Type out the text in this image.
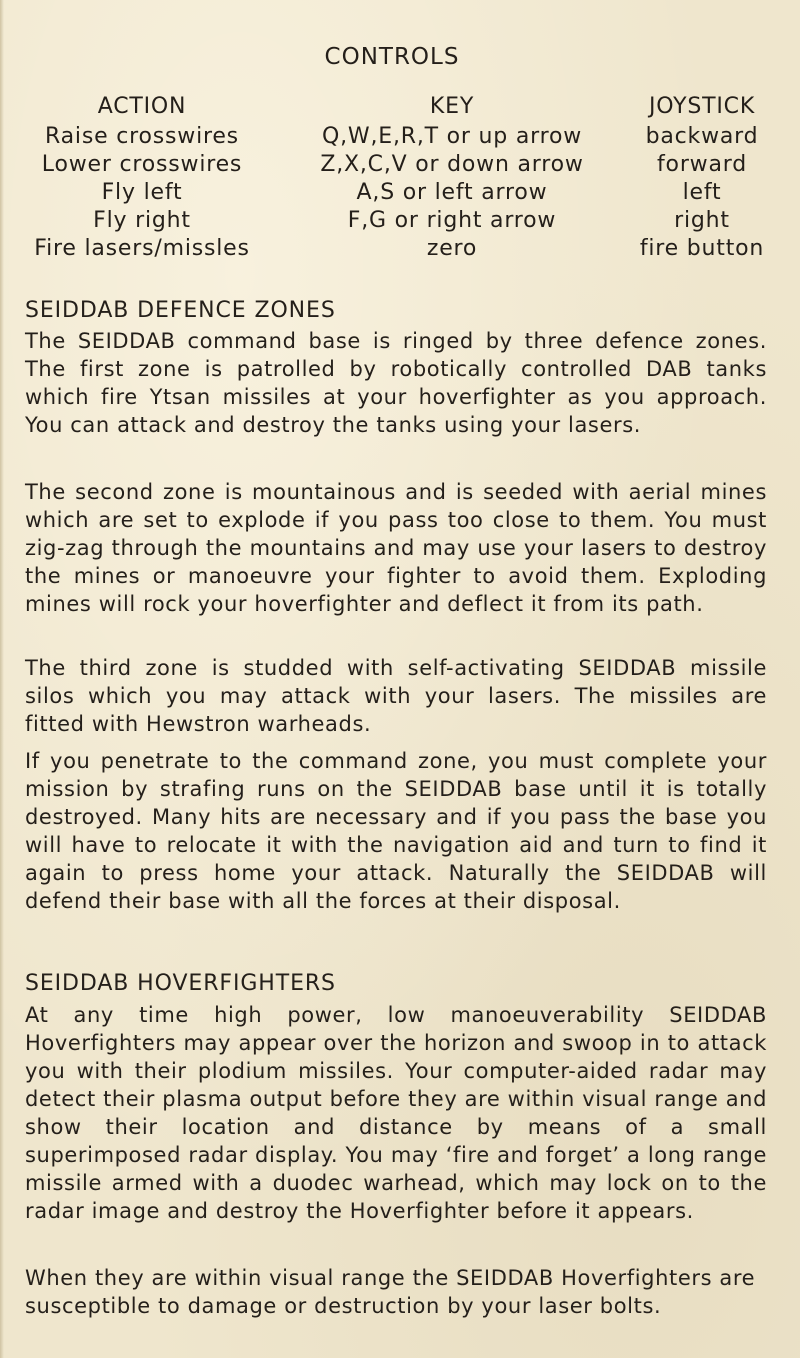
CONTROLS
ACTION	KEY	JOYSTICK
Raise crosswires	Q,W,E,R,T or up arrow	backward
Lower crosswires	Z,X,C,V or down arrow	forward
Fly left	A,S or left arrow	left
Fly right	F,G or right arrow	right
Fire lasers/missles	zero	fire button
SEIDDAB DEFENCE ZONES
The SEIDDAB command base is ringed by three defence zones. The first zone is patrolled by robotically controlled DAB tanks which fire Ytsan missiles at your hoverfighter as you approach. You can attack and destroy the tanks using your lasers.
The second zone is mountainous and is seeded with aerial mines which are set to explode if you pass too close to them. You must zig-zag through the mountains and may use your lasers to destroy the mines or manoeuvre your fighter to avoid them. Exploding mines will rock your hoverfighter and deflect it from its path.
The third zone is studded with self-activating SEIDDAB missile silos which you may attack with your lasers. The missiles are fitted with Hewstron warheads.
If you penetrate to the command zone, you must complete your mission by strafing runs on the SEIDDAB base until it is totally destroyed. Many hits are necessary and if you pass the base you will have to relocate it with the navigation aid and turn to find it again to press home your attack. Naturally the SEIDDAB will defend their base with all the forces at their disposal.
SEIDDAB HOVERFIGHTERS
At any time high power, low manoeuverability SEIDDAB Hoverfighters may appear over the horizon and swoop in to attack you with their plodium missiles. Your computer-aided radar may detect their plasma output before they are within visual range and show their location and distance by means of a small superimposed radar display. You may ‘fire and forget’ a long range missile armed with a duodec warhead, which may lock on to the radar image and destroy the Hoverfighter before it appears.
When they are within visual range the SEIDDAB Hoverfighters are susceptible to damage or destruction by your laser bolts.
